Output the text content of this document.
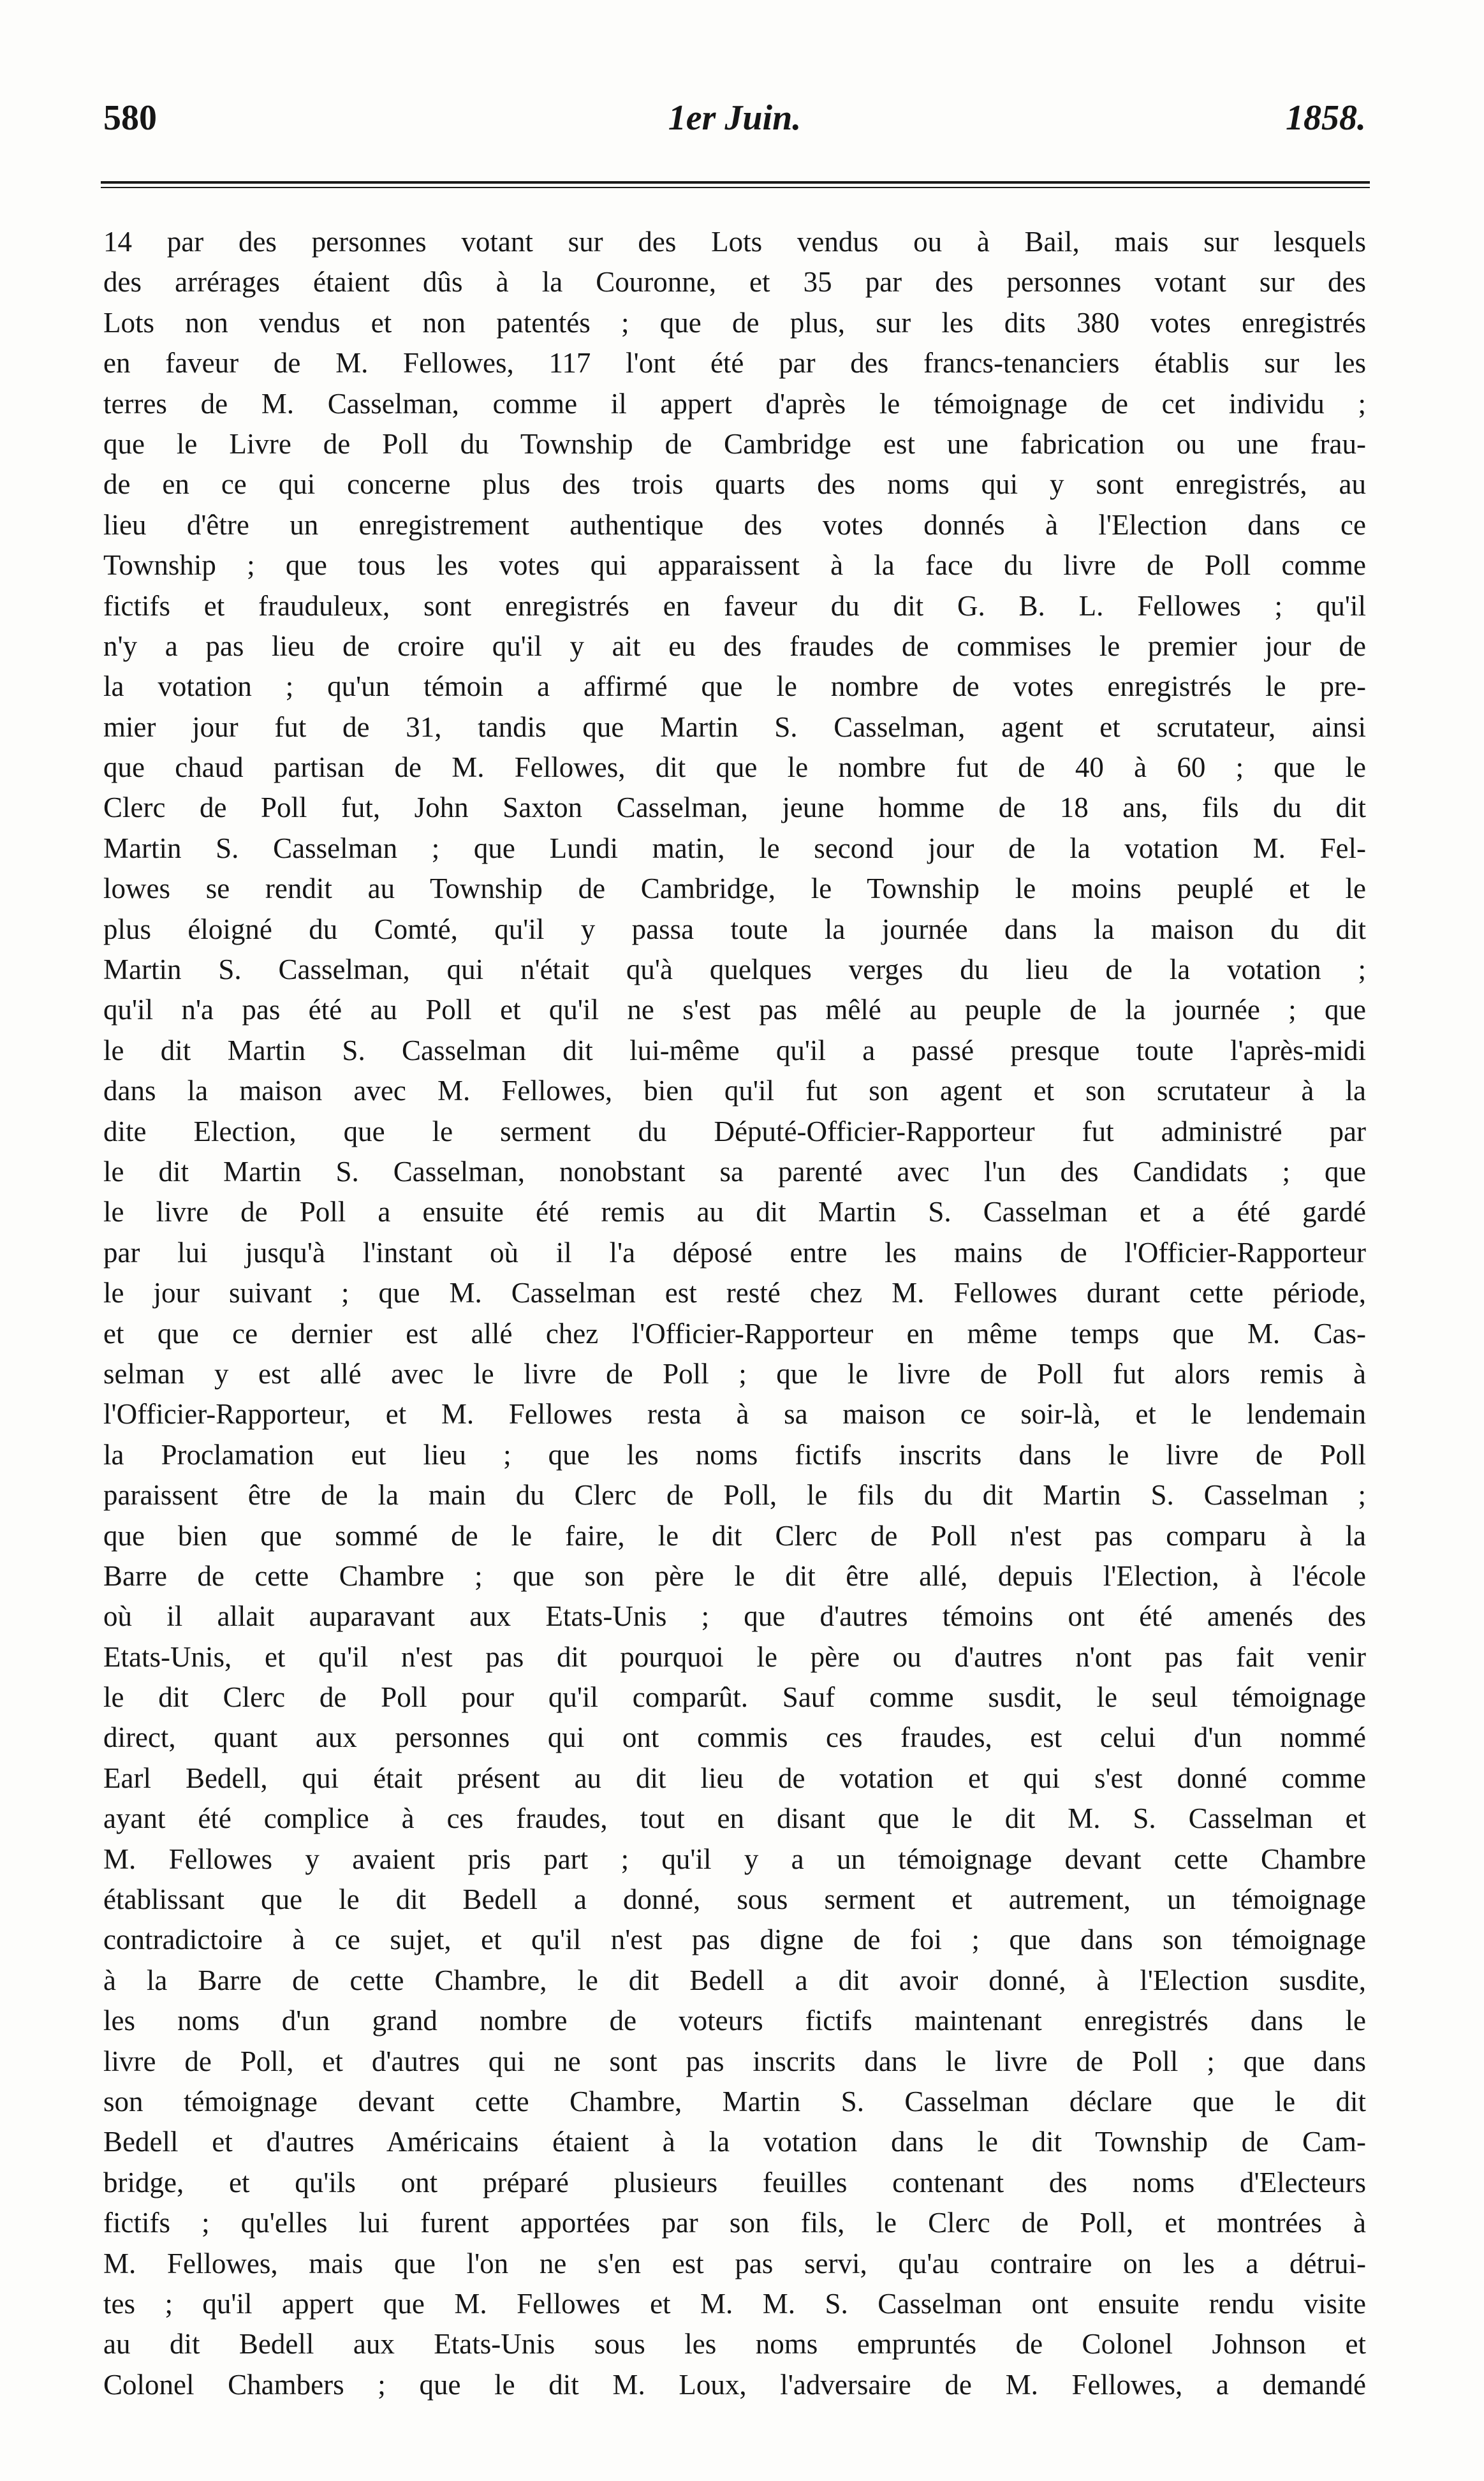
580	1er Juin.	1858.
14 par des personnes votant sur des Lots vendus ou à Bail, mais sur lesquels
des arrérages étaient dûs à la Couronne, et 35 par des personnes votant sur des
Lots non vendus et non patentés ; que de plus, sur les dits 380 votes enregistrés
en faveur de M. Fellowes, 117 l'ont été par des francs-tenanciers établis sur les
terres de M. Casselman, comme il appert d'après le témoignage de cet individu ;
que le Livre de Poll du Township de Cambridge est une fabrication ou une frau-
de en ce qui concerne plus des trois quarts des noms qui y sont enregistrés, au
lieu d'être un enregistrement authentique des votes donnés à l'Election dans ce
Township ; que tous les votes qui apparaissent à la face du livre de Poll comme
fictifs et frauduleux, sont enregistrés en faveur du dit G. B. L. Fellowes ; qu'il
n'y a pas lieu de croire qu'il y ait eu des fraudes de commises le premier jour de
la votation ; qu'un témoin a affirmé que le nombre de votes enregistrés le pre-
mier jour fut de 31, tandis que Martin S. Casselman, agent et scrutateur, ainsi
que chaud partisan de M. Fellowes, dit que le nombre fut de 40 à 60 ; que le
Clerc de Poll fut, John Saxton Casselman, jeune homme de 18 ans, fils du dit
Martin S. Casselman ; que Lundi matin, le second jour de la votation M. Fel-
lowes se rendit au Township de Cambridge, le Township le moins peuplé et le
plus éloigné du Comté, qu'il y passa toute la journée dans la maison du dit
Martin S. Casselman, qui n'était qu'à quelques verges du lieu de la votation ;
qu'il n'a pas été au Poll et qu'il ne s'est pas mêlé au peuple de la journée ; que
le dit Martin S. Casselman dit lui-même qu'il a passé presque toute l'après-midi
dans la maison avec M. Fellowes, bien qu'il fut son agent et son scrutateur à la
dite Election, que le serment du Député-Officier-Rapporteur fut administré par
le dit Martin S. Casselman, nonobstant sa parenté avec l'un des Candidats ; que
le livre de Poll a ensuite été remis au dit Martin S. Casselman et a été gardé
par lui jusqu'à l'instant où il l'a déposé entre les mains de l'Officier-Rapporteur
le jour suivant ; que M. Casselman est resté chez M. Fellowes durant cette période,
et que ce dernier est allé chez l'Officier-Rapporteur en même temps que M. Cas-
selman y est allé avec le livre de Poll ; que le livre de Poll fut alors remis à
l'Officier-Rapporteur, et M. Fellowes resta à sa maison ce soir-là, et le lendemain
la Proclamation eut lieu ; que les noms fictifs inscrits dans le livre de Poll
paraissent être de la main du Clerc de Poll, le fils du dit Martin S. Casselman ;
que bien que sommé de le faire, le dit Clerc de Poll n'est pas comparu à la
Barre de cette Chambre ; que son père le dit être allé, depuis l'Election, à l'école
où il allait auparavant aux Etats-Unis ; que d'autres témoins ont été amenés des
Etats-Unis, et qu'il n'est pas dit pourquoi le père ou d'autres n'ont pas fait venir
le dit Clerc de Poll pour qu'il comparût. Sauf comme susdit, le seul témoignage
direct, quant aux personnes qui ont commis ces fraudes, est celui d'un nommé
Earl Bedell, qui était présent au dit lieu de votation et qui s'est donné comme
ayant été complice à ces fraudes, tout en disant que le dit M. S. Casselman et
M. Fellowes y avaient pris part ; qu'il y a un témoignage devant cette Chambre
établissant que le dit Bedell a donné, sous serment et autrement, un témoignage
contradictoire à ce sujet, et qu'il n'est pas digne de foi ; que dans son témoignage
à la Barre de cette Chambre, le dit Bedell a dit avoir donné, à l'Election susdite,
les noms d'un grand nombre de voteurs fictifs maintenant enregistrés dans le
livre de Poll, et d'autres qui ne sont pas inscrits dans le livre de Poll ; que dans
son témoignage devant cette Chambre, Martin S. Casselman déclare que le dit
Bedell et d'autres Américains étaient à la votation dans le dit Township de Cam-
bridge, et qu'ils ont préparé plusieurs feuilles contenant des noms d'Electeurs
fictifs ; qu'elles lui furent apportées par son fils, le Clerc de Poll, et montrées à
M. Fellowes, mais que l'on ne s'en est pas servi, qu'au contraire on les a détrui-
tes ; qu'il appert que M. Fellowes et M. M. S. Casselman ont ensuite rendu visite
au dit Bedell aux Etats-Unis sous les noms empruntés de Colonel Johnson et
Colonel Chambers ; que le dit M. Loux, l'adversaire de M. Fellowes, a demandé
